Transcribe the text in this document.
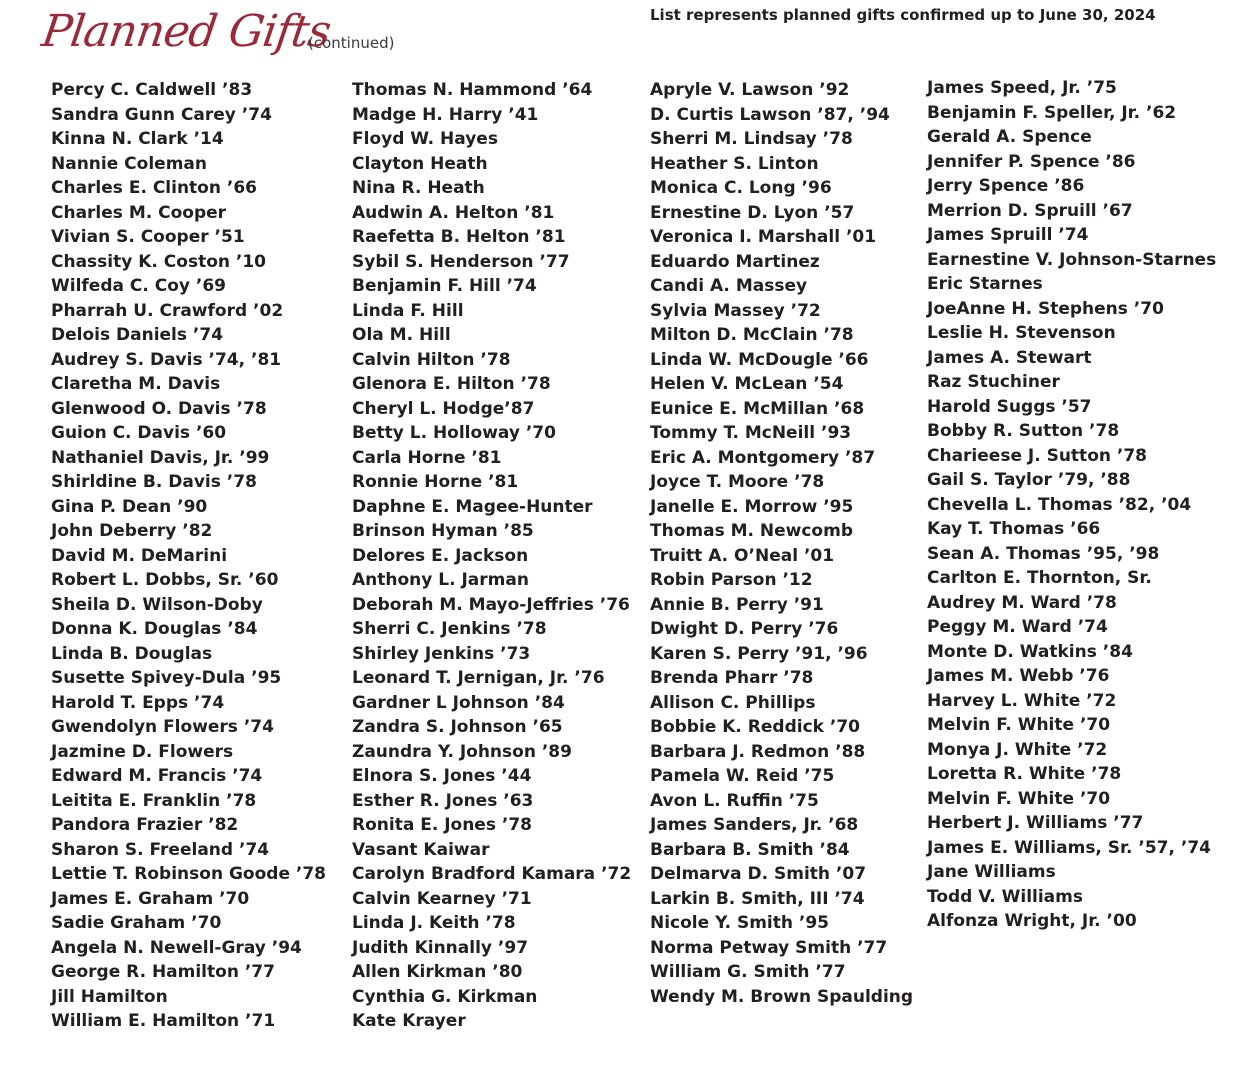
Planned Gifts
(continued)
List represents planned gifts confirmed up to June 30, 2024
Percy C. Caldwell ’83
Sandra Gunn Carey ’74
Kinna N. Clark ’14
Nannie Coleman
Charles E. Clinton ’66
Charles M. Cooper
Vivian S. Cooper ’51
Chassity K. Coston ’10
Wilfeda C. Coy ’69
Pharrah U. Crawford ’02
Delois Daniels ’74
Audrey S. Davis ’74, ’81
Claretha M. Davis
Glenwood O. Davis ’78
Guion C. Davis ’60
Nathaniel Davis, Jr. ’99
Shirldine B. Davis ’78
Gina P. Dean ’90
John Deberry ’82
David M. DeMarini
Robert L. Dobbs, Sr. ’60
Sheila D. Wilson-Doby
Donna K. Douglas ’84
Linda B. Douglas
Susette Spivey-Dula ’95
Harold T. Epps ’74
Gwendolyn Flowers ’74
Jazmine D. Flowers
Edward M. Francis ’74
Leitita E. Franklin ’78
Pandora Frazier ’82
Sharon S. Freeland ’74
Lettie T. Robinson Goode ’78
James E. Graham ’70
Sadie Graham ’70
Angela N. Newell-Gray ’94
George R. Hamilton ’77
Jill Hamilton
William E. Hamilton ’71
Thomas N. Hammond ’64
Madge H. Harry ’41
Floyd W. Hayes
Clayton Heath
Nina R. Heath
Audwin A. Helton ’81
Raefetta B. Helton ’81
Sybil S. Henderson ’77
Benjamin F. Hill ’74
Linda F. Hill
Ola M. Hill
Calvin Hilton ’78
Glenora E. Hilton ’78
Cheryl L. Hodge’87
Betty L. Holloway ’70
Carla Horne ’81
Ronnie Horne ’81
Daphne E. Magee-Hunter
Brinson Hyman ’85
Delores E. Jackson
Anthony L. Jarman
Deborah M. Mayo-Jeffries ’76
Sherri C. Jenkins ’78
Shirley Jenkins ’73
Leonard T. Jernigan, Jr. ’76
Gardner L Johnson ’84
Zandra S. Johnson ’65
Zaundra Y. Johnson ’89
Elnora S. Jones ’44
Esther R. Jones ’63
Ronita E. Jones ’78
Vasant Kaiwar
Carolyn Bradford Kamara ’72
Calvin Kearney ’71
Linda J. Keith ’78
Judith Kinnally ’97
Allen Kirkman ’80
Cynthia G. Kirkman
Kate Krayer
Apryle V. Lawson ’92
D. Curtis Lawson ’87, ’94
Sherri M. Lindsay ’78
Heather S. Linton
Monica C. Long ’96
Ernestine D. Lyon ’57
Veronica I. Marshall ’01
Eduardo Martinez
Candi A. Massey
Sylvia Massey ’72
Milton D. McClain ’78
Linda W. McDougle ’66
Helen V. McLean ’54
Eunice E. McMillan ’68
Tommy T. McNeill ’93
Eric A. Montgomery ’87
Joyce T. Moore ’78
Janelle E. Morrow ’95
Thomas M. Newcomb
Truitt A. O’Neal ’01
Robin Parson ’12
Annie B. Perry ’91
Dwight D. Perry ’76
Karen S. Perry ’91, ’96
Brenda Pharr ’78
Allison C. Phillips
Bobbie K. Reddick ’70
Barbara J. Redmon ’88
Pamela W. Reid ’75
Avon L. Ruffin ’75
James Sanders, Jr. ’68
Barbara B. Smith ’84
Delmarva D. Smith ’07
Larkin B. Smith, III ’74
Nicole Y. Smith ’95
Norma Petway Smith ’77
William G. Smith ’77
Wendy M. Brown Spaulding
James Speed, Jr. ’75
Benjamin F. Speller, Jr. ’62
Gerald A. Spence
Jennifer P. Spence ’86
Jerry Spence ’86
Merrion D. Spruill ’67
James Spruill ’74
Earnestine V. Johnson-Starnes
Eric Starnes
JoeAnne H. Stephens ’70
Leslie H. Stevenson
James A. Stewart
Raz Stuchiner
Harold Suggs ’57
Bobby R. Sutton ’78
Charieese J. Sutton ’78
Gail S. Taylor ’79, ’88
Chevella L. Thomas ’82, ’04
Kay T. Thomas ’66
Sean A. Thomas ’95, ’98
Carlton E. Thornton, Sr.
Audrey M. Ward ’78
Peggy M. Ward ’74
Monte D. Watkins ’84
James M. Webb ’76
Harvey L. White ’72
Melvin F. White ’70
Monya J. White ’72
Loretta R. White ’78
Melvin F. White ’70
Herbert J. Williams ’77
James E. Williams, Sr. ’57, ’74
Jane Williams
Todd V. Williams
Alfonza Wright, Jr. ’00
